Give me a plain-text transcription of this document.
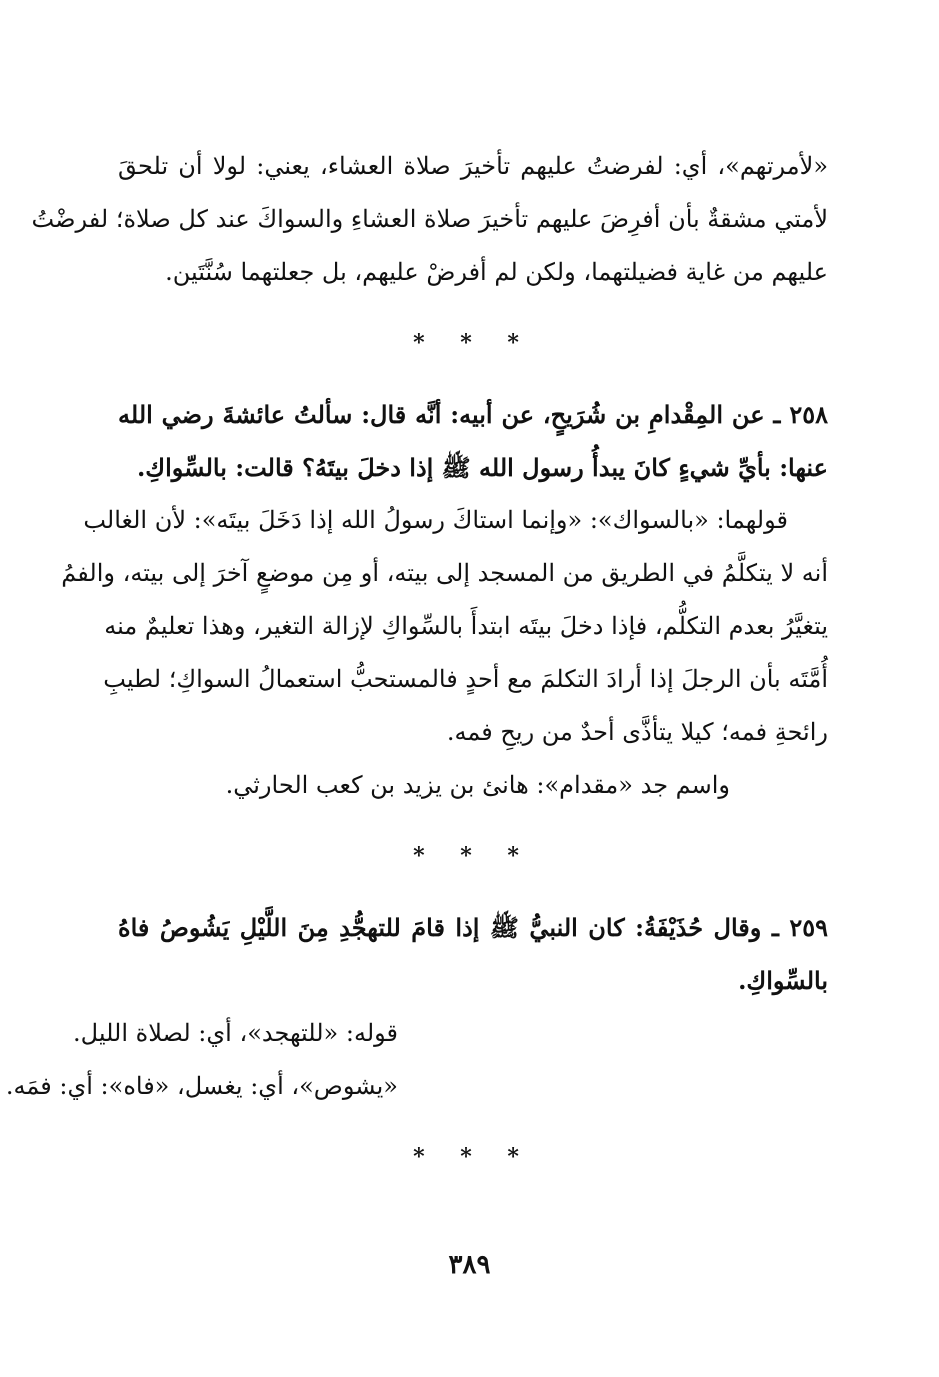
«لأمرتهم»، أي: لفرضتُ عليهم تأخيرَ صلاة العشاء، يعني: لولا أن تلحقَ
لأمتي مشقةٌ بأن أفرِضَ عليهم تأخيرَ صلاة العشاءِ والسواكَ عند كل صلاة؛ لفرضْتُ
عليهم من غاية فضيلتهما، ولكن لم أفرضْ عليهم، بل جعلتهما سُنَّتَين.
* * *
٢٥٨ ـ عن المِقْدامِ بن شُرَيحٍ، عن أبيه: أنَّه قال: سألتُ عائشةَ رضي الله
عنها: بأيِّ شيءٍ كانَ يبدأُ رسول الله ﷺ إذا دخلَ بيتَهُ؟ قالت: بالسِّواكِ.
قولهما: «بالسواك»: «وإنما استاكَ رسولُ الله إذا دَخَلَ بيتَه»: لأن الغالب
أنه لا يتكلَّمُ في الطريق من المسجد إلى بيته، أو مِن موضعٍ آخرَ إلى بيته، والفمُ
يتغيَّرُ بعدم التكلُّم، فإذا دخلَ بيتَه ابتدأَ بالسِّواكِ لإزالة التغير، وهذا تعليمٌ منه
أُمَّتَه بأن الرجلَ إذا أرادَ التكلمَ مع أحدٍ فالمستحبُّ استعمالُ السواكِ؛ لطيبِ
رائحةِ فمه؛ كيلا يتأذَّى أحدٌ من ريحِ فمه.
واسم جد «مقدام»: هانئ بن يزيد بن كعب الحارثي.
* * *
٢٥٩ ـ وقال حُذَيْفَةُ: كان النبيُّ ﷺ إذا قامَ للتهجُّدِ مِنَ اللَّيْلِ يَشُوصُ فاهُ
بالسِّواكِ.
قوله: «للتهجد»، أي: لصلاة الليل.
«يشوص»، أي: يغسل، «فاه»: أي: فمَه.
* * *
٣٨٩
